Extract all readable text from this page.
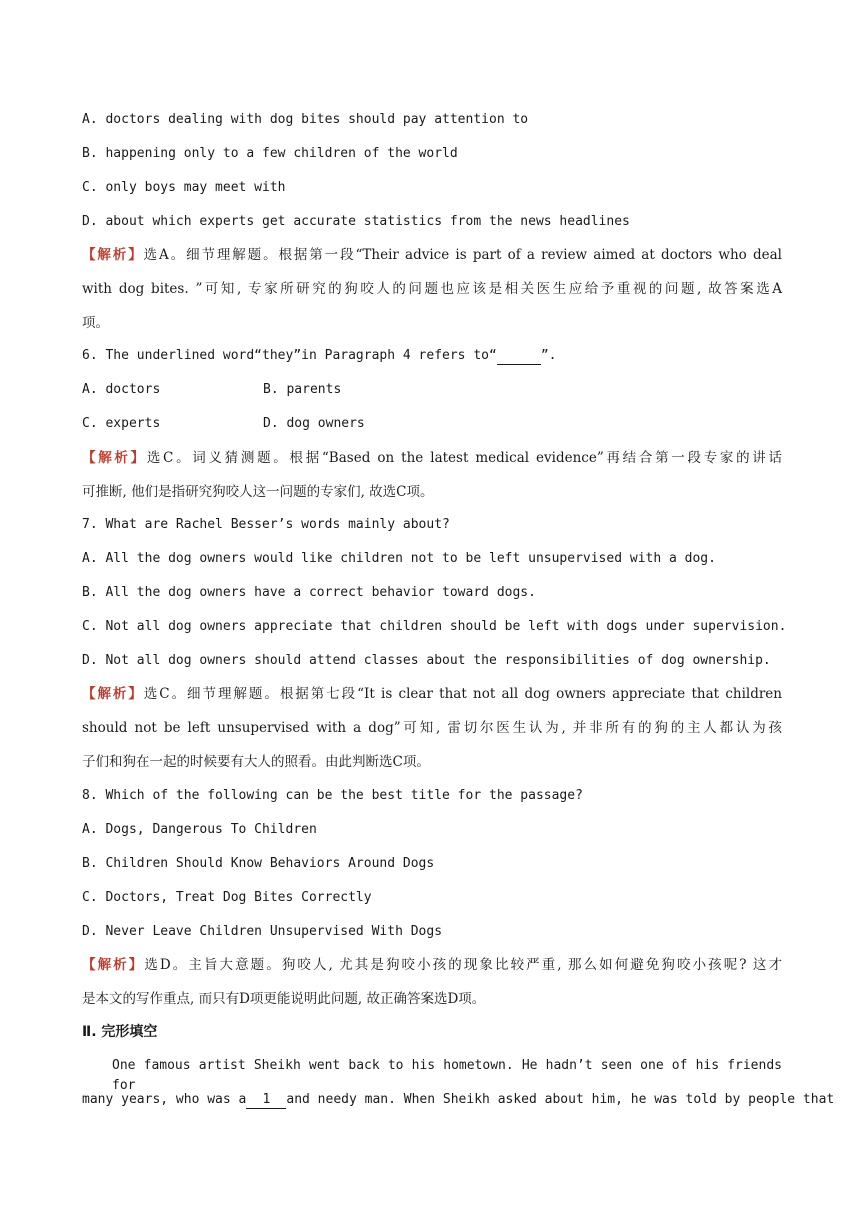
A. doctors dealing with dog bites should pay attention to
B. happening only to a few children of the world
C. only boys may meet with
D. about which experts get accurate statistics from the news headlines
【解析】选A。细节理解题。根据第一段“Their advice is part of a review aimed at doctors who deal
with dog bites. ”可知, 专家所研究的狗咬人的问题也应该是相关医生应给予重视的问题, 故答案选A
项。
6. The underlined word“they”in Paragraph 4 refers to“	”.
A. doctors	B. parents
C. experts	D. dog owners
【解析】选C。词义猜测题。根据“Based on the latest medical evidence”再结合第一段专家的讲话
可推断, 他们是指研究狗咬人这一问题的专家们, 故选C项。
7. What are Rachel Besser’s words mainly about?
A. All the dog owners would like children not to be left unsupervised with a dog.
B. All the dog owners have a correct behavior toward dogs.
C. Not all dog owners appreciate that children should be left with dogs under supervision.
D. Not all dog owners should attend classes about the responsibilities of dog ownership.
【解析】选C。细节理解题。根据第七段“It is clear that not all dog owners appreciate that children
should not be left unsupervised with a dog”可知, 雷切尔医生认为, 并非所有的狗的主人都认为孩
子们和狗在一起的时候要有大人的照看。由此判断选C项。
8. Which of the following can be the best title for the passage?
A. Dogs, Dangerous To Children
B. Children Should Know Behaviors Around Dogs
C. Doctors, Treat Dog Bites Correctly
D. Never Leave Children Unsupervised With Dogs
【解析】选D。主旨大意题。狗咬人, 尤其是狗咬小孩的现象比较严重, 那么如何避免狗咬小孩呢? 这才
是本文的写作重点, 而只有D项更能说明此问题, 故正确答案选D项。
Ⅱ. 完形填空
One famous artist Sheikh went back to his hometown. He hadn’t seen one of his friends for
many years, who was a 1 and needy man. When Sheikh asked about him, he was told by people that
